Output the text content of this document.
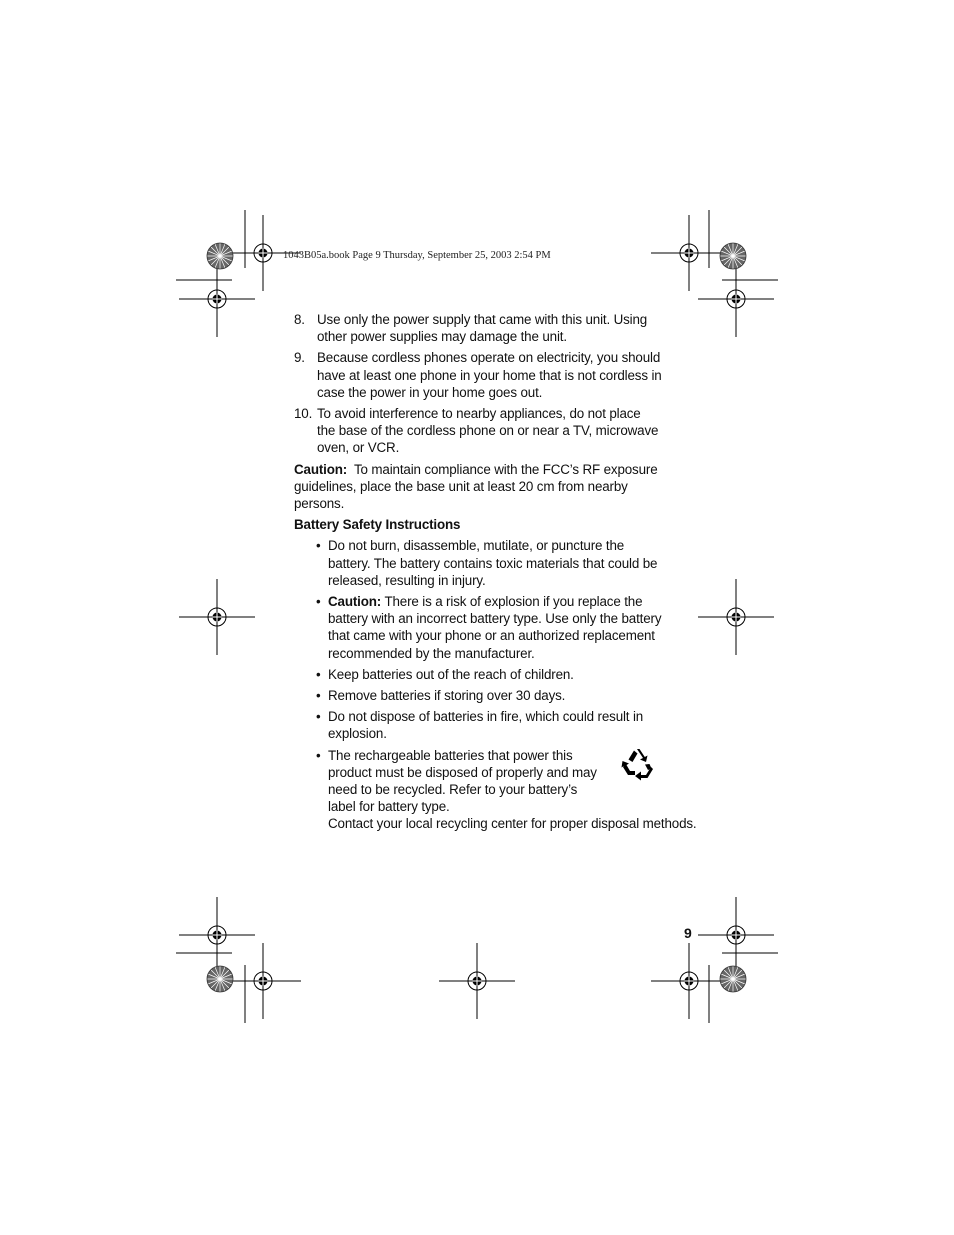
1043B05a.book Page 9 Thursday, September 25, 2003 2:54 PM
8. Use only the power supply that came with this unit. Using other power supplies may damage the unit.
9. Because cordless phones operate on electricity, you should have at least one phone in your home that is not cordless in case the power in your home goes out.
10. To avoid interference to nearby appliances, do not place the base of the cordless phone on or near a TV, microwave oven, or VCR.
Caution: To maintain compliance with the FCC’s RF exposure guidelines, place the base unit at least 20 cm from nearby persons.
Battery Safety Instructions
• Do not burn, disassemble, mutilate, or puncture the battery. The battery contains toxic materials that could be released, resulting in injury.
• Caution: There is a risk of explosion if you replace the battery with an incorrect battery type. Use only the battery that came with your phone or an authorized replacement recommended by the manufacturer.
• Keep batteries out of the reach of children.
• Remove batteries if storing over 30 days.
• Do not dispose of batteries in fire, which could result in explosion.
• The rechargeable batteries that power this product must be disposed of properly and may need to be recycled. Refer to your battery’s label for battery type.
Contact your local recycling center for proper disposal methods.
9
